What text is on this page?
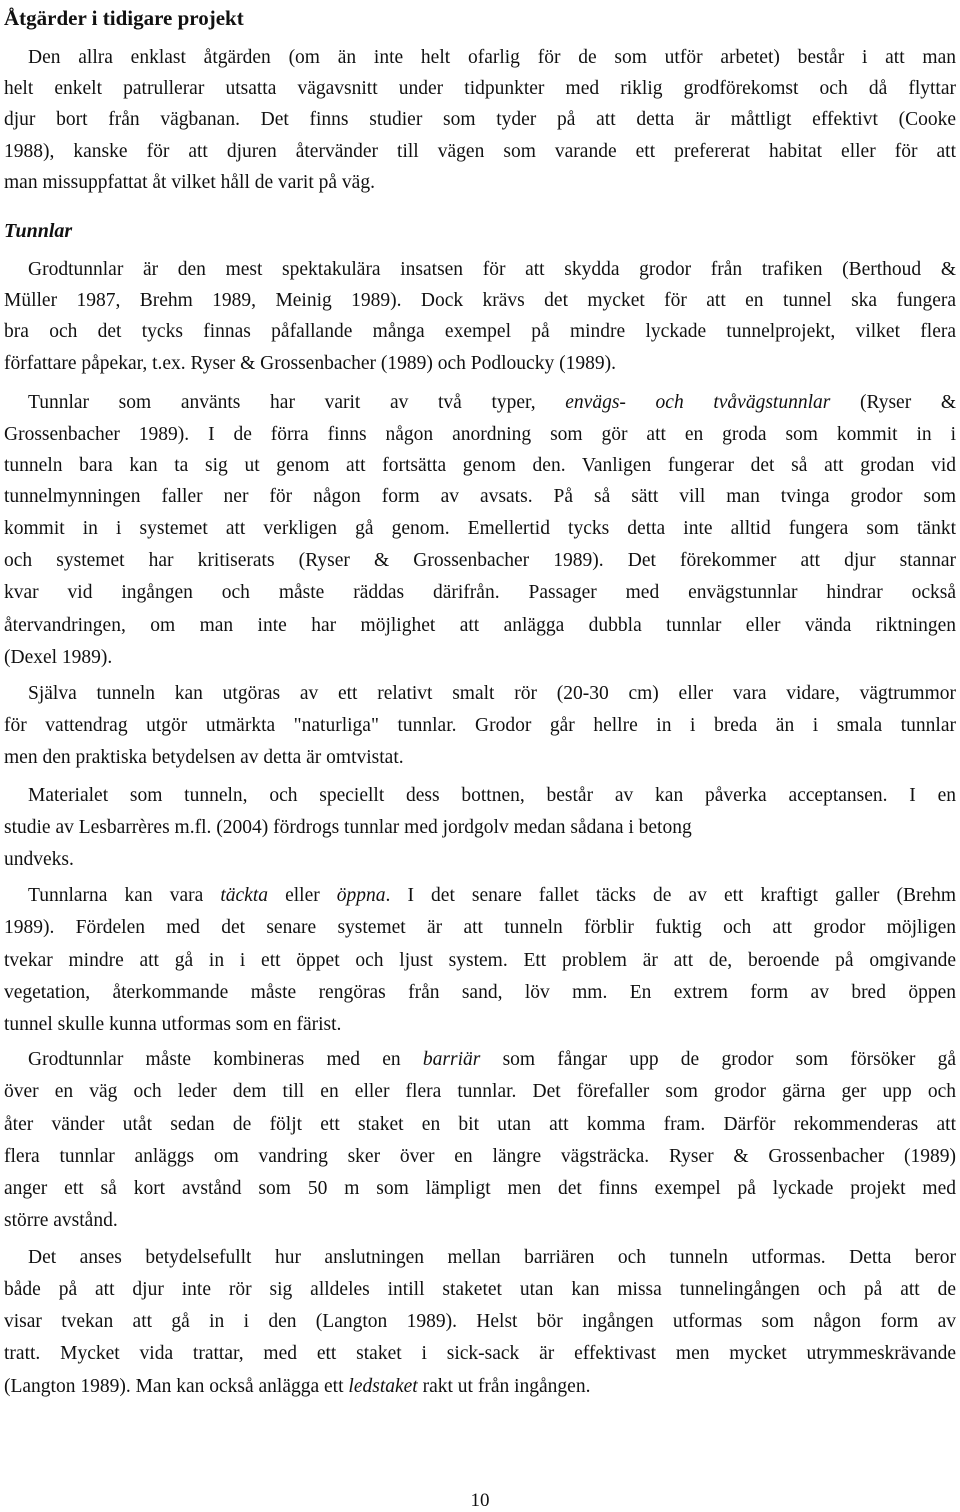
Åtgärder i tidigare projekt
Tunnlar
Den allra enklast åtgärden (om än inte helt ofarlig för de som utför arbetet) består i att man
helt enkelt patrullerar utsatta vägavsnitt under tidpunkter med riklig grodförekomst och då flyttar
djur bort från vägbanan. Det finns studier som tyder på att detta är måttligt effektivt (Cooke
1988), kanske för att djuren återvänder till vägen som varande ett prefererat habitat eller för att
man missuppfattat åt vilket håll de varit på väg.
Grodtunnlar är den mest spektakulära insatsen för att skydda grodor från trafiken (Berthoud &
Müller 1987, Brehm 1989, Meinig 1989). Dock krävs det mycket för att en tunnel ska fungera
bra och det tycks finnas påfallande många exempel på mindre lyckade tunnelprojekt, vilket flera
författare påpekar, t.ex. Ryser & Grossenbacher (1989) och Podloucky (1989).
Tunnlar som använts har varit av två typer, envägs- och tvåvägstunnlar (Ryser &
Grossenbacher 1989). I de förra finns någon anordning som gör att en groda som kommit in i
tunneln bara kan ta sig ut genom att fortsätta genom den. Vanligen fungerar det så att grodan vid
tunnelmynningen faller ner för någon form av avsats. På så sätt vill man tvinga grodor som
kommit in i systemet att verkligen gå genom. Emellertid tycks detta inte alltid fungera som tänkt
och systemet har kritiserats (Ryser & Grossenbacher 1989). Det förekommer att djur stannar
kvar vid ingången och måste räddas därifrån. Passager med envägstunnlar hindrar också
återvandringen, om man inte har möjlighet att anlägga dubbla tunnlar eller vända riktningen
(Dexel 1989).
Själva tunneln kan utgöras av ett relativt smalt rör (20-30 cm) eller vara vidare, vägtrummor
för vattendrag utgör utmärkta "naturliga" tunnlar. Grodor går hellre in i breda än i smala tunnlar
men den praktiska betydelsen av detta är omtvistat.
Materialet som tunneln, och speciellt dess bottnen, består av kan påverka acceptansen. I en
studie av Lesbarrères m.fl. (2004) fördrogs tunnlar med jordgolv medan sådana i betong
undveks.
Tunnlarna kan vara täckta eller öppna. I det senare fallet täcks de av ett kraftigt galler (Brehm
1989). Fördelen med det senare systemet är att tunneln förblir fuktig och att grodor möjligen
tvekar mindre att gå in i ett öppet och ljust system. Ett problem är att de, beroende på omgivande
vegetation, återkommande måste rengöras från sand, löv mm. En extrem form av bred öppen
tunnel skulle kunna utformas som en färist.
Grodtunnlar måste kombineras med en barriär som fångar upp de grodor som försöker gå
över en väg och leder dem till en eller flera tunnlar. Det förefaller som grodor gärna ger upp och
åter vänder utåt sedan de följt ett staket en bit utan att komma fram. Därför rekommenderas att
flera tunnlar anläggs om vandring sker över en längre vägsträcka. Ryser & Grossenbacher (1989)
anger ett så kort avstånd som 50 m som lämpligt men det finns exempel på lyckade projekt med
större avstånd.
Det anses betydelsefullt hur anslutningen mellan barriären och tunneln utformas. Detta beror
både på att djur inte rör sig alldeles intill staketet utan kan missa tunnelingången och på att de
visar tvekan att gå in i den (Langton 1989). Helst bör ingången utformas som någon form av
tratt. Mycket vida trattar, med ett staket i sick-sack är effektivast men mycket utrymmeskrävande
(Langton 1989). Man kan också anlägga ett ledstaket rakt ut från ingången.
10
